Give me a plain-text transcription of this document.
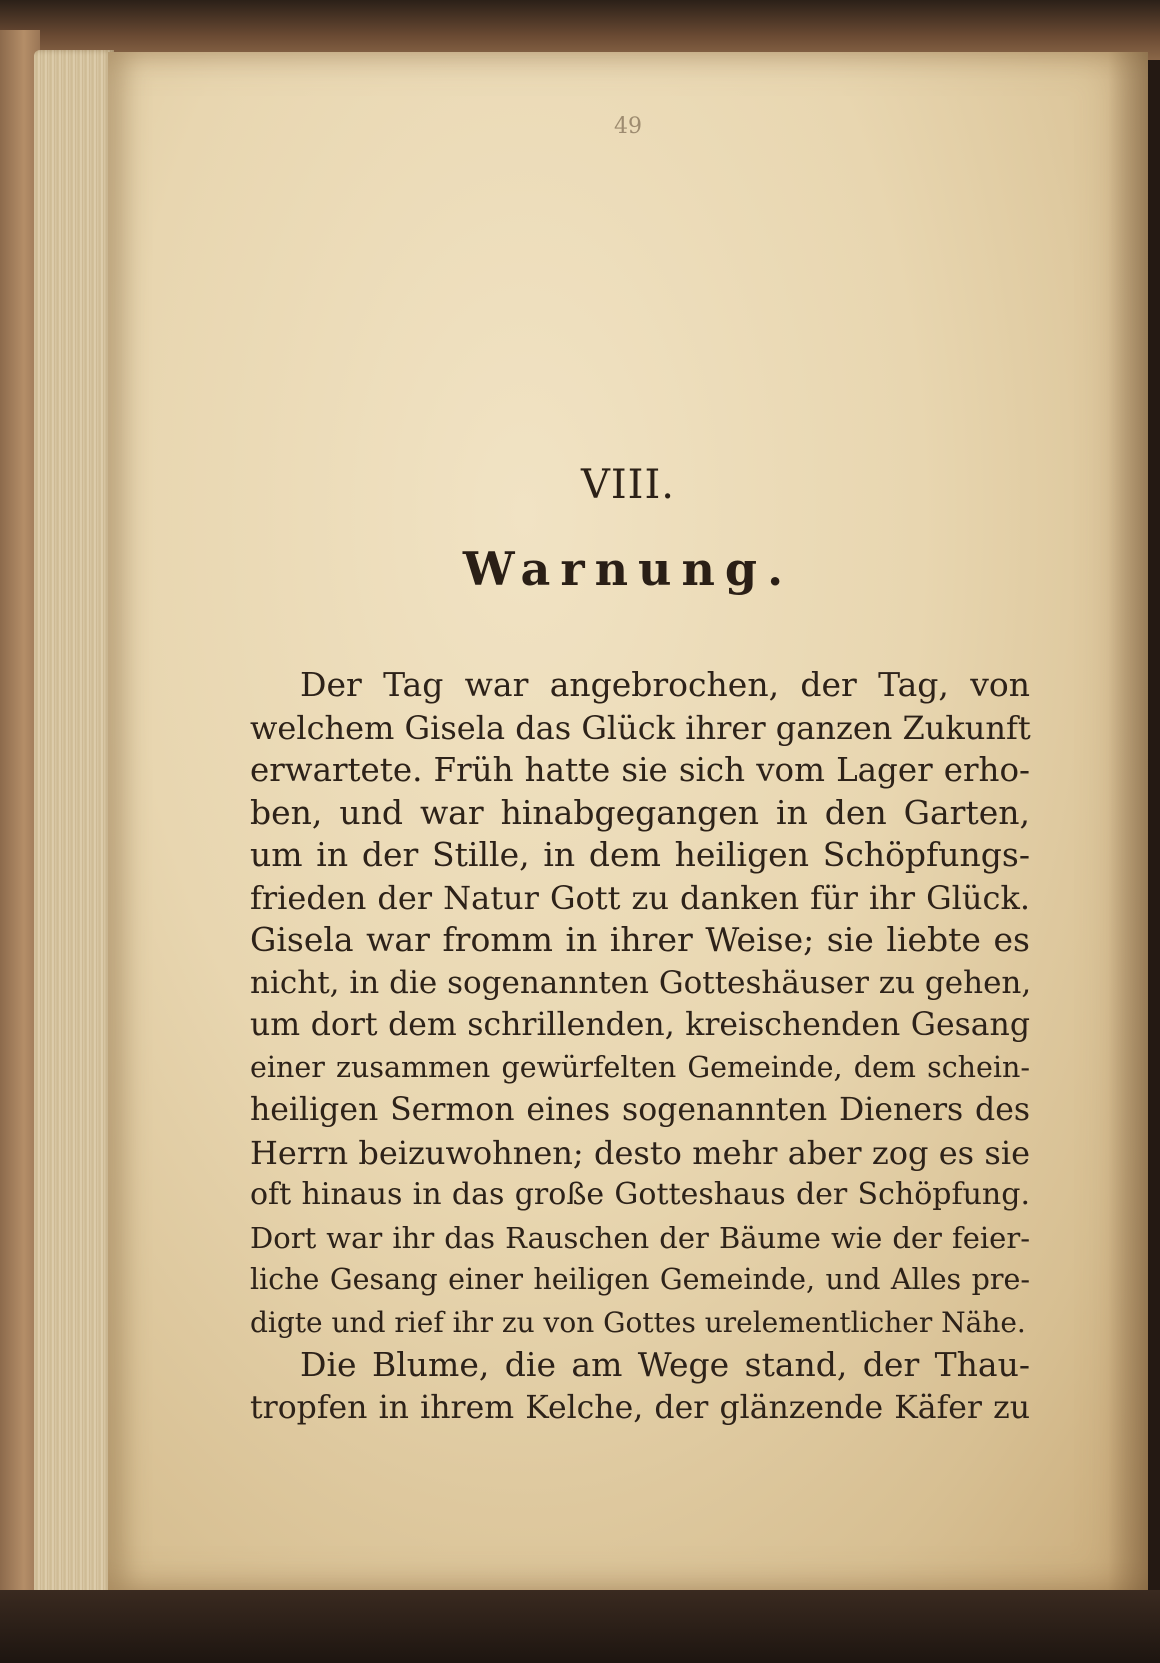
49
VIII.
Warnung.
Der Tag war angebrochen, der Tag, von
welchem Gisela das Glück ihrer ganzen Zukunft
erwartete. Früh hatte sie sich vom Lager erho-
ben, und war hinabgegangen in den Garten,
um in der Stille, in dem heiligen Schöpfungs-
frieden der Natur Gott zu danken für ihr Glück.
Gisela war fromm in ihrer Weise; sie liebte es
nicht, in die sogenannten Gotteshäuser zu gehen,
um dort dem schrillenden, kreischenden Gesang
einer zusammen gewürfelten Gemeinde, dem schein-
heiligen Sermon eines sogenannten Dieners des
Herrn beizuwohnen; desto mehr aber zog es sie
oft hinaus in das große Gotteshaus der Schöpfung.
Dort war ihr das Rauschen der Bäume wie der feier-
liche Gesang einer heiligen Gemeinde, und Alles pre-
digte und rief ihr zu von Gottes urelementlicher Nähe.
Die Blume, die am Wege stand, der Thau-
tropfen in ihrem Kelche, der glänzende Käfer zu
